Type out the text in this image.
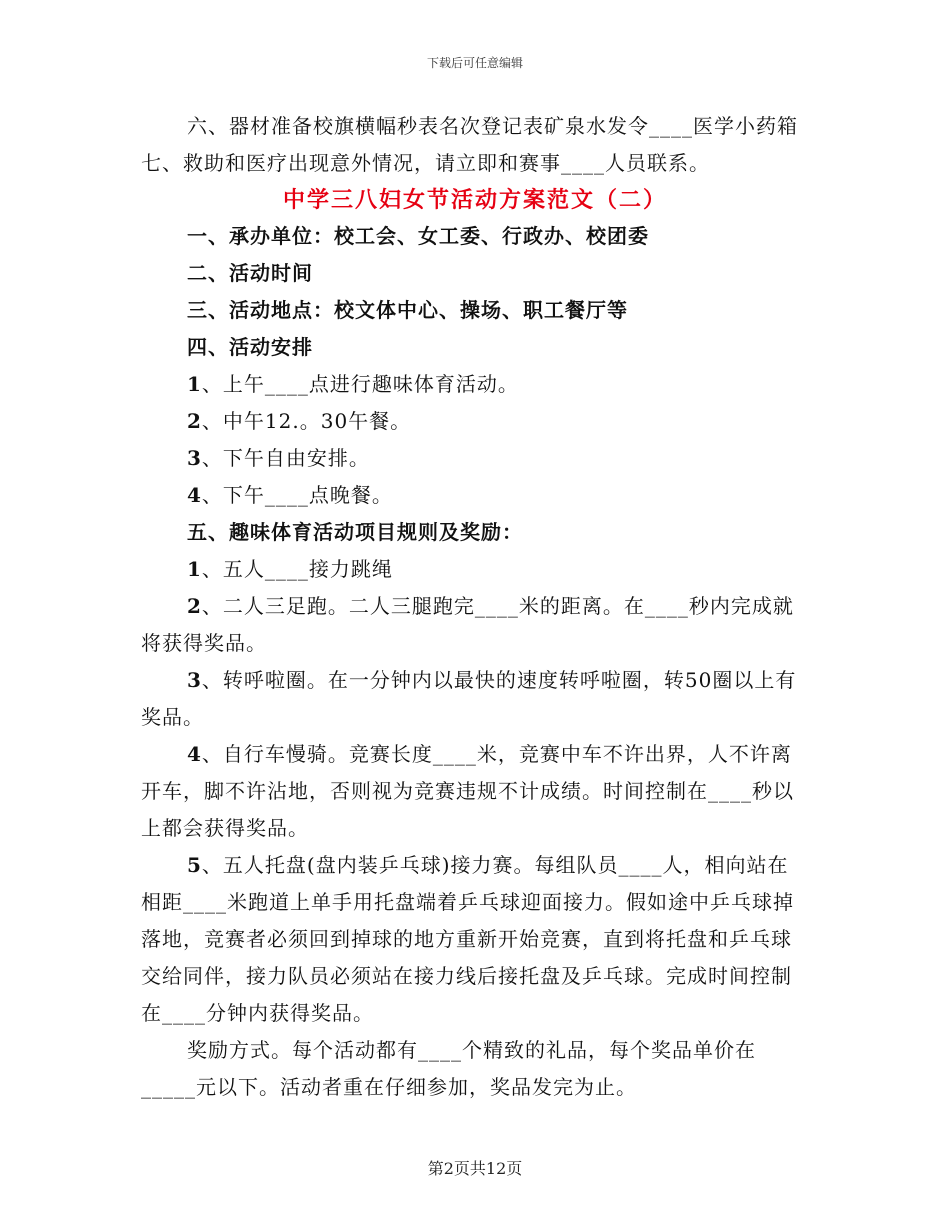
下载后可任意编辑

六、器材准备校旗横幅秒表名次登记表矿泉水发令____医学小药箱七、救助和医疗出现意外情况，请立即和赛事____人员联系。

中学三八妇女节活动方案范文（二）

一、承办单位：校工会、女工委、行政办、校团委

二、活动时间

三、活动地点：校文体中心、操场、职工餐厅等

四、活动安排

1、上午____点进行趣味体育活动。

2、中午12.。30午餐。

3、下午自由安排。

4、下午____点晚餐。

五、趣味体育活动项目规则及奖励：

1、五人____接力跳绳

2、二人三足跑。二人三腿跑完____米的距离。在____秒内完成就将获得奖品。

3、转呼啦圈。在一分钟内以最快的速度转呼啦圈，转50圈以上有奖品。

4、自行车慢骑。竞赛长度____米，竞赛中车不许出界，人不许离开车，脚不许沾地，否则视为竞赛违规不计成绩。时间控制在____秒以上都会获得奖品。

5、五人托盘(盘内装乒乓球)接力赛。每组队员____人，相向站在相距____米跑道上单手用托盘端着乒乓球迎面接力。假如途中乒乓球掉落地，竞赛者必须回到掉球的地方重新开始竞赛，直到将托盘和乒乓球交给同伴，接力队员必须站在接力线后接托盘及乒乓球。完成时间控制在____分钟内获得奖品。

奖励方式。每个活动都有____个精致的礼品，每个奖品单价在_____元以下。活动者重在仔细参加，奖品发完为止。

第2页共12页
